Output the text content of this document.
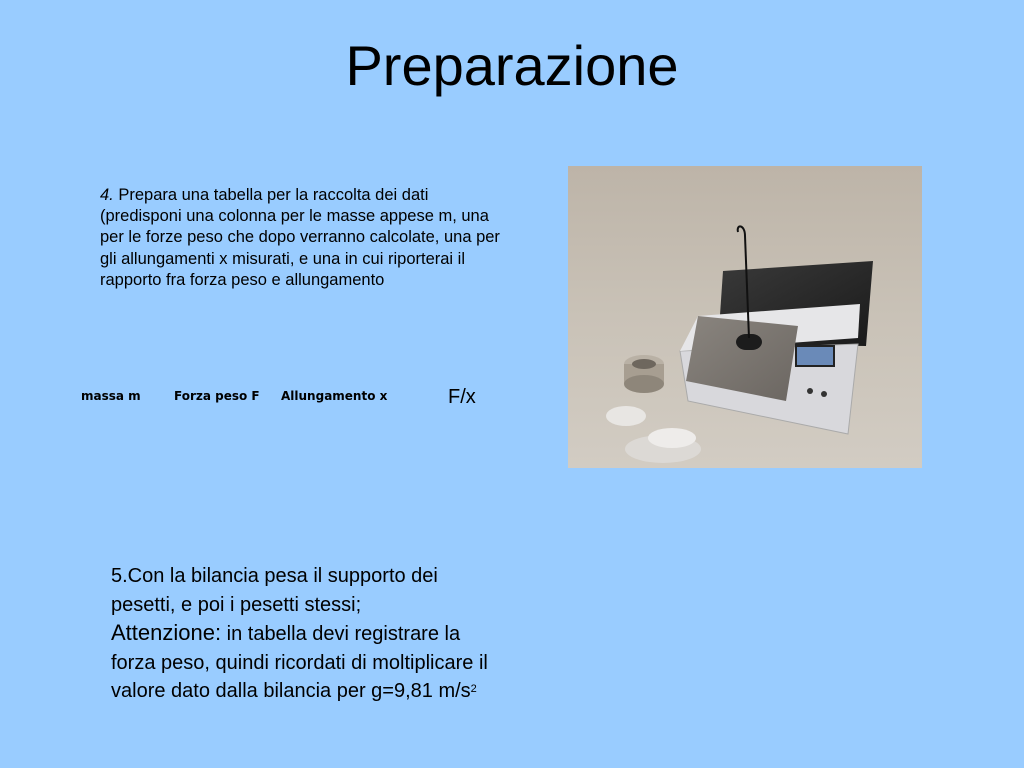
Preparazione
4. Prepara una tabella per la raccolta dei dati (predisponi una colonna per le masse appese m, una per le forze peso che dopo verranno calcolate, una per gli allungamenti x misurati, e una in cui riporterai il rapporto fra forza peso e allungamento
massa m	Forza peso F Allungamento x	F/x
5.Con la bilancia pesa il supporto dei pesetti, e poi i pesetti stessi;
Attenzione: in tabella devi registrare la forza peso, quindi ricordati di moltiplicare il valore dato dalla bilancia per g=9,81 $m/s^2$
